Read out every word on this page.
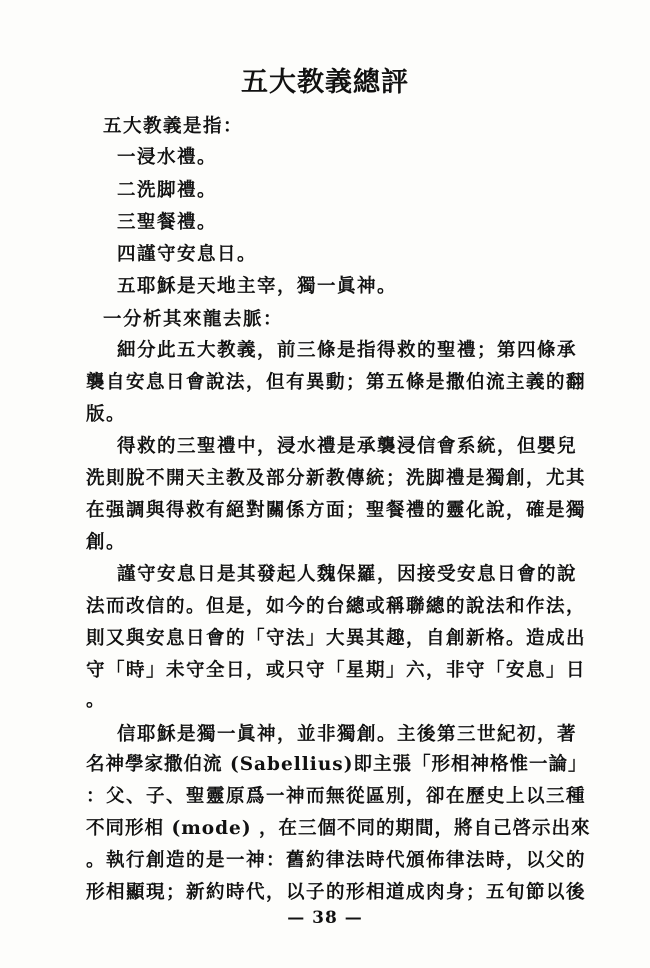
五大教義總評
五大教義是指：
一浸水禮。
二洗脚禮。
三聖餐禮。
四謹守安息日。
五耶穌是天地主宰，獨一眞神。
一分析其來龍去脈：
細分此五大教義，前三條是指得救的聖禮；第四條承
襲自安息日會說法，但有異動；第五條是撒伯流主義的翻
版。
得救的三聖禮中，浸水禮是承襲浸信會系統，但嬰兒
洗則脫不開天主教及部分新教傳統；洗脚禮是獨創，尤其
在强調與得救有絕對關係方面；聖餐禮的靈化說，確是獨
創。
謹守安息日是其發起人魏保羅，因接受安息日會的說
法而改信的。但是，如今的台總或稱聯總的說法和作法，
則又與安息日會的「守法」大異其趣，自創新格。造成出
守「時」未守全日，或只守「星期」六，非守「安息」日
。
信耶穌是獨一眞神，並非獨創。主後第三世紀初，著
名神學家撒伯流 (Sabellius)即主張「形相神格惟一論」
：父、子、聖靈原爲一神而無從區別，卻在歷史上以三種
不同形相 (mode) ，在三個不同的期間，將自己啓示出來
。執行創造的是一神：舊約律法時代頒佈律法時，以父的
形相顯現；新約時代，以子的形相道成肉身；五旬節以後
— 38 —
